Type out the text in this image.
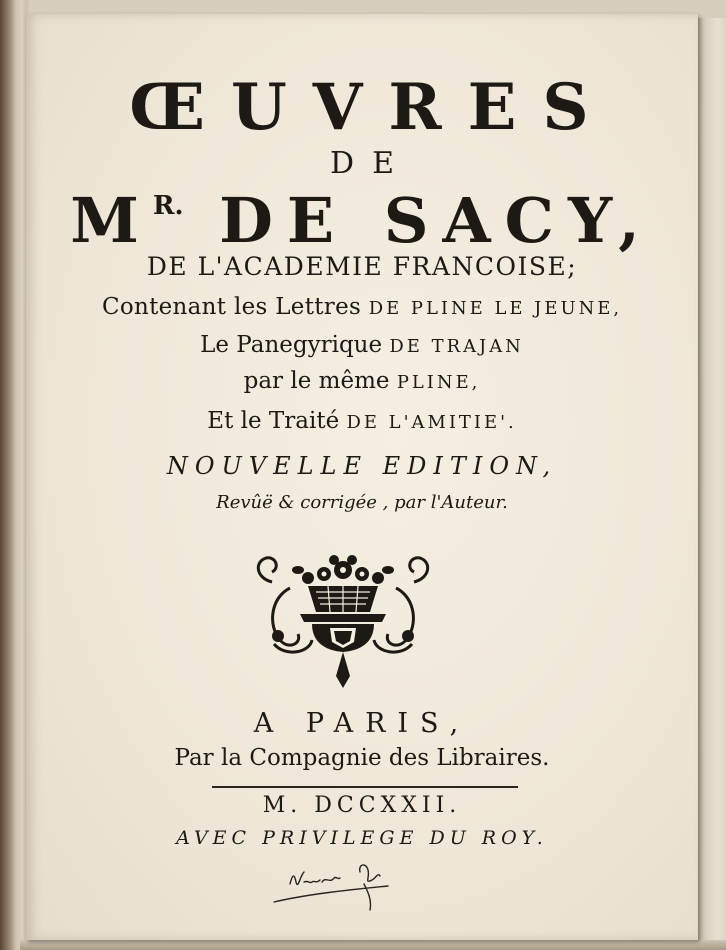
ŒUVRES
DE
$M^{R.}$ DE SACY,
DE L'ACADEMIE FRANCOISE;
Contenant les Lettres DE PLINE LE JEUNE,
Le Panegyrique DE TRAJAN
par le même PLINE,
Et le Traité DE L'AMITIE'.
NOUVELLE EDITION,
Revûë & corrigée , par l'Auteur.
A PARIS,
Par la Compagnie des Libraires.
M. DCCXXII.
AVEC PRIVILEGE DU ROY.
